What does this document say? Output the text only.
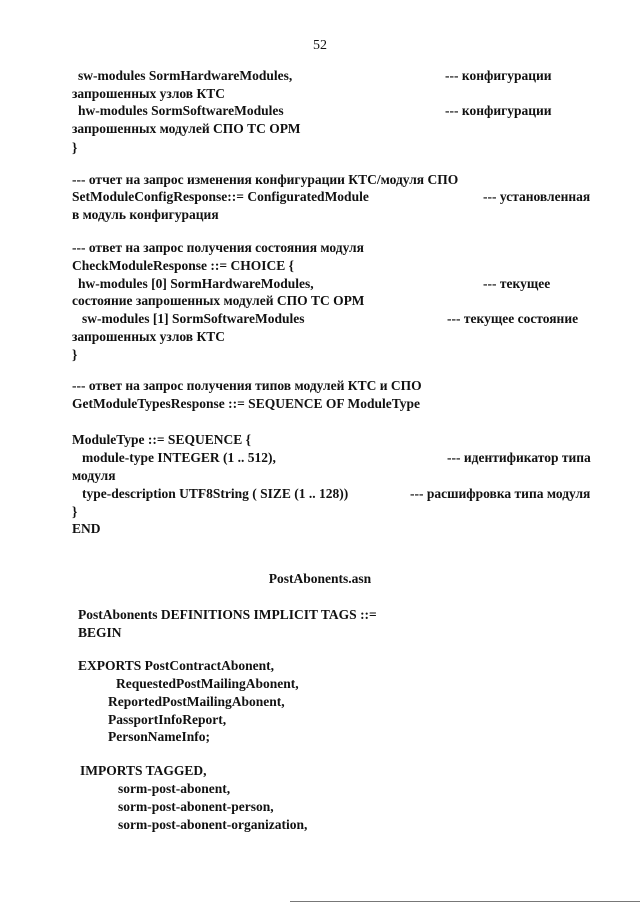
52
sw-modules SormHardwareModules,	--- конфигурации
запрошенных узлов КТС
hw-modules SormSoftwareModules	--- конфигурации
запрошенных модулей СПО ТС ОРМ
}
--- отчет на запрос изменения конфигурации КТС/модуля СПО
SetModuleConfigResponse::= ConfiguratedModule	--- установленная
в модуль конфигурация
--- ответ на запрос получения состояния модуля
CheckModuleResponse ::= CHOICE {
hw-modules [0] SormHardwareModules,	--- текущее
состояние запрошенных модулей СПО ТС ОРМ
sw-modules [1] SormSoftwareModules	--- текущее состояние
запрошенных узлов КТС
}
--- ответ на запрос получения типов модулей КТС и СПО
GetModuleTypesResponse ::= SEQUENCE OF ModuleType
ModuleType ::= SEQUENCE {
module-type INTEGER (1 .. 512),	--- идентификатор типа
модуля
type-description UTF8String ( SIZE (1 .. 128))	--- расшифровка типа модуля
}
END
PostAbonents DEFINITIONS IMPLICIT TAGS ::=
BEGIN
EXPORTS PostContractAbonent,
RequestedPostMailingAbonent,
ReportedPostMailingAbonent,
PassportInfoReport,
PersonNameInfo;
IMPORTS TAGGED,
sorm-post-abonent,
sorm-post-abonent-person,
sorm-post-abonent-organization,
PostAbonents.asn
